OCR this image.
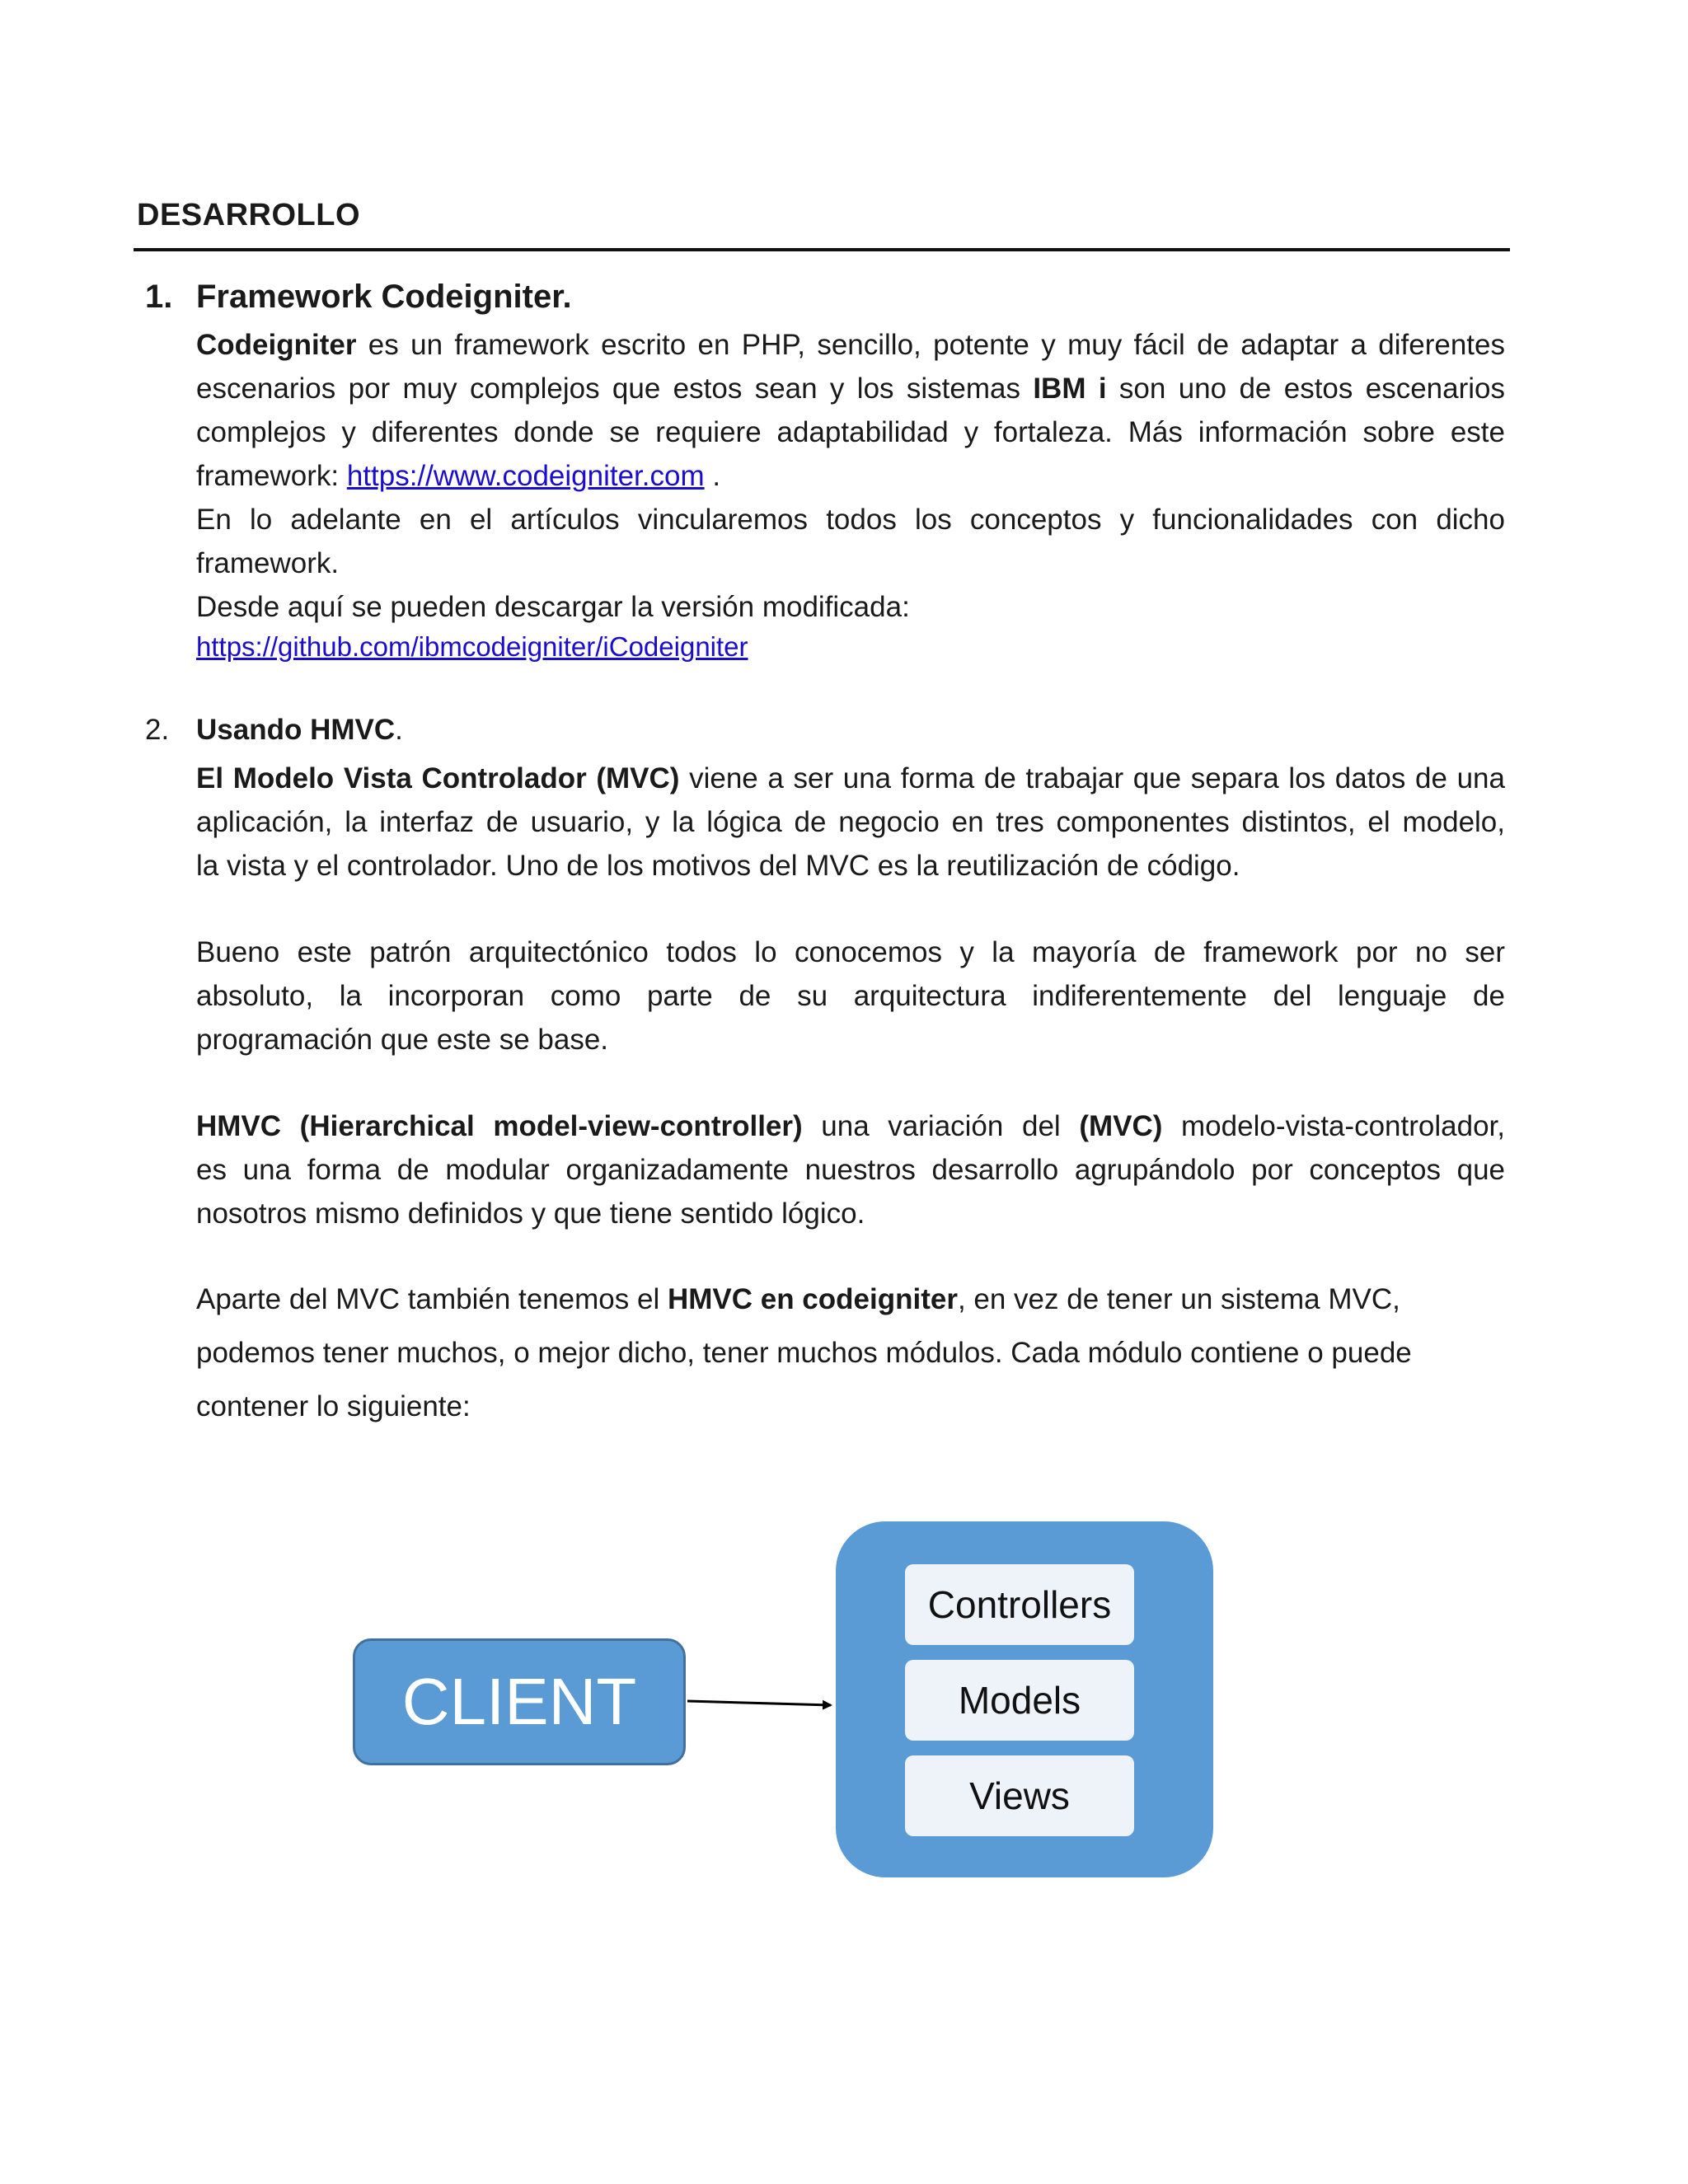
DESARROLLO
1. Framework Codeigniter.
Codeigniter es un framework escrito en PHP, sencillo, potente y muy fácil de adaptar a diferentes
escenarios por muy complejos que estos sean y los sistemas IBM i son uno de estos escenarios
complejos y diferentes donde se requiere adaptabilidad y fortaleza. Más información sobre este
framework: https://www.codeigniter.com .
En lo adelante en el artículos vincularemos todos los conceptos y funcionalidades con dicho
framework.
Desde aquí se pueden descargar la versión modificada:
https://github.com/ibmcodeigniter/iCodeigniter
2. Usando HMVC.
El Modelo Vista Controlador (MVC) viene a ser una forma de trabajar que separa los datos de una
aplicación, la interfaz de usuario, y la lógica de negocio en tres componentes distintos, el modelo,
la vista y el controlador. Uno de los motivos del MVC es la reutilización de código.
Bueno este patrón arquitectónico todos lo conocemos y la mayoría de framework por no ser
absoluto, la incorporan como parte de su arquitectura indiferentemente del lenguaje de
programación que este se base.
HMVC (Hierarchical model-view-controller) una variación del (MVC) modelo-vista-controlador,
es una forma de modular organizadamente nuestros desarrollo agrupándolo por conceptos que
nosotros mismo definidos y que tiene sentido lógico.
Aparte del MVC también tenemos el HMVC en codeigniter, en vez de tener un sistema MVC,
podemos tener muchos, o mejor dicho, tener muchos módulos. Cada módulo contiene o puede
contener lo siguiente:
CLIENT
Controllers
Models
Views
